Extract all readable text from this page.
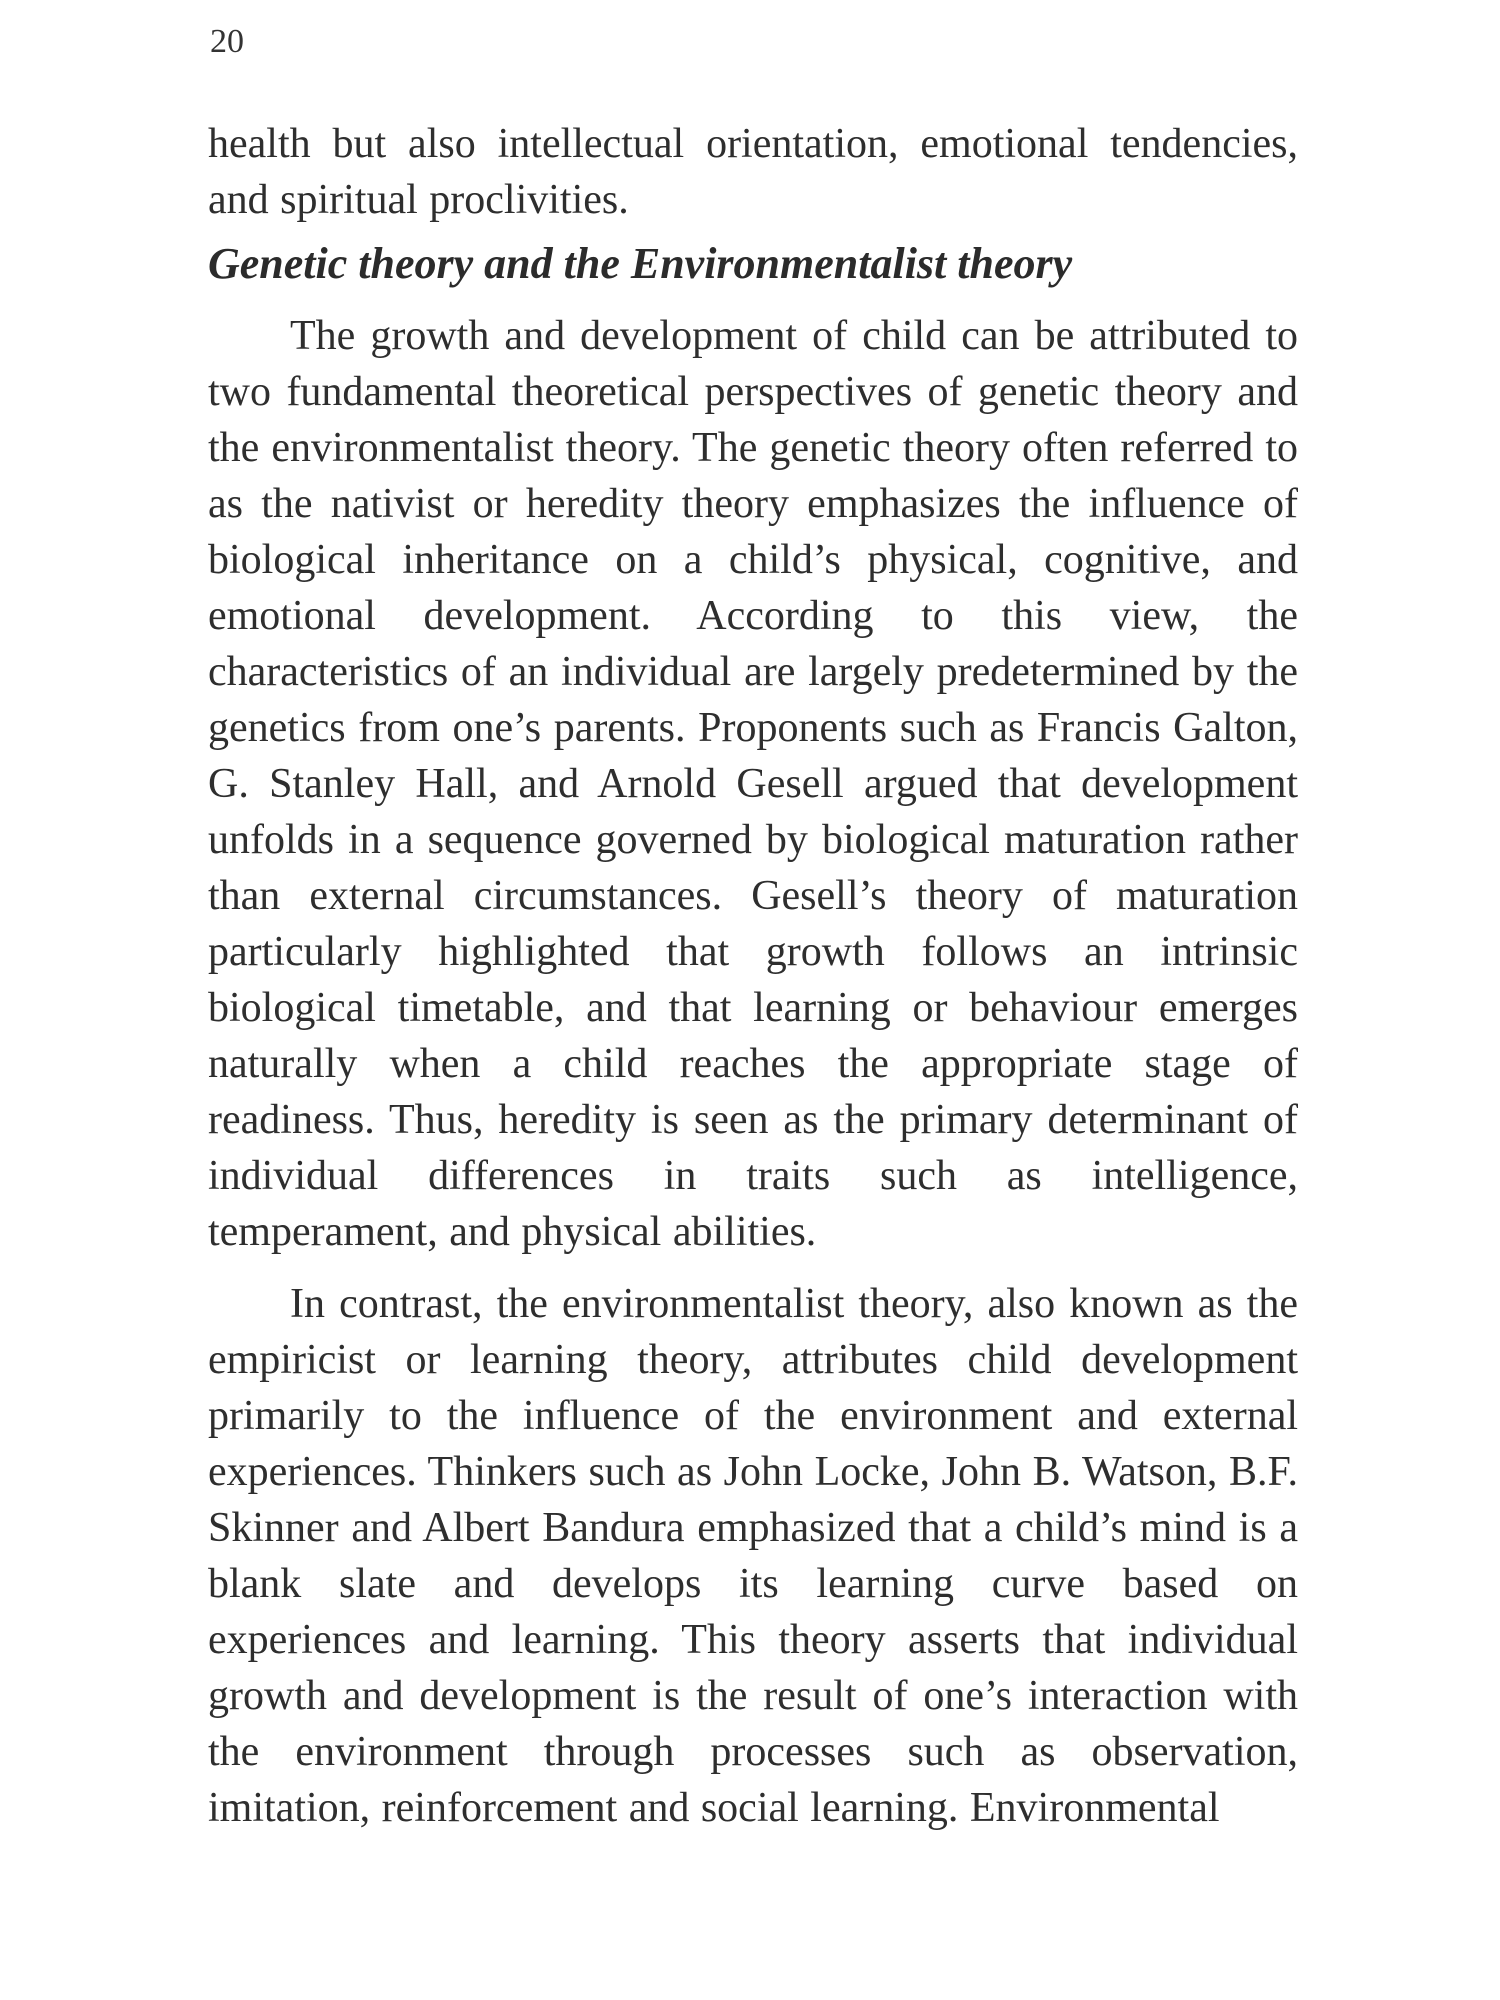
20

health but also intellectual orientation, emotional tendencies, and spiritual proclivities.

Genetic theory and the Environmentalist theory

The growth and development of child can be attributed to two fundamental theoretical perspectives of genetic theory and the environmentalist theory. The genetic theory often referred to as the nativist or heredity theory emphasizes the influence of biological inheritance on a child’s physical, cognitive, and emotional development. According to this view, the characteristics of an individual are largely predetermined by the genetics from one’s parents. Proponents such as Francis Galton, G. Stanley Hall, and Arnold Gesell argued that development unfolds in a sequence governed by biological maturation rather than external circumstances. Gesell’s theory of maturation particularly highlighted that growth follows an intrinsic biological timetable, and that learning or behaviour emerges naturally when a child reaches the appropriate stage of readiness. Thus, heredity is seen as the primary determinant of individual differences in traits such as intelligence, temperament, and physical abilities.

In contrast, the environmentalist theory, also known as the empiricist or learning theory, attributes child development primarily to the influence of the environment and external experiences. Thinkers such as John Locke, John B. Watson, B.F. Skinner and Albert Bandura emphasized that a child’s mind is a blank slate and develops its learning curve based on experiences and learning. This theory asserts that individual growth and development is the result of one’s interaction with the environment through processes such as observation, imitation, reinforcement and social learning. Environmental
